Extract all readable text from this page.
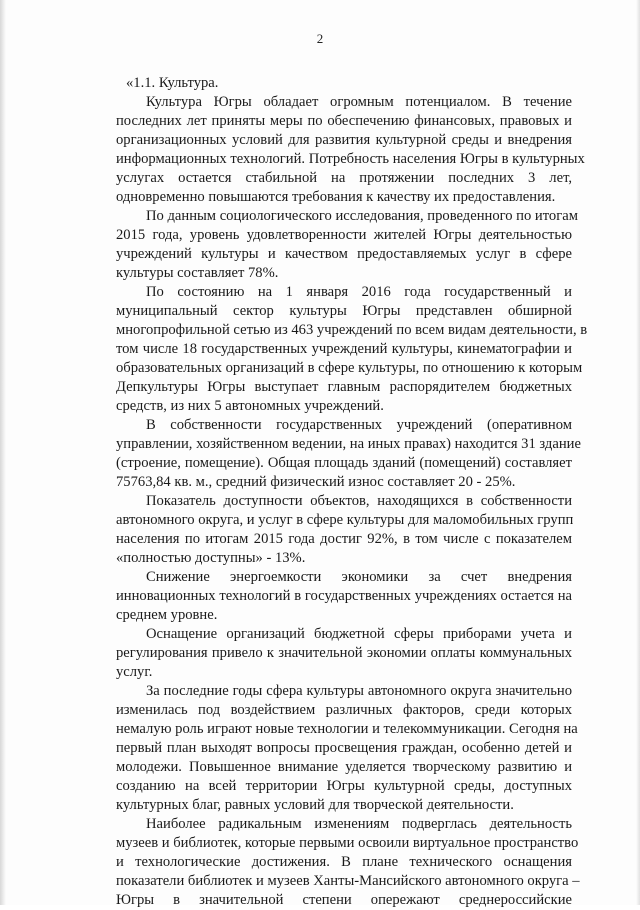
2
«1.1. Культура.
Культура Югры обладает огромным потенциалом. В течение
последних лет приняты меры по обеспечению финансовых, правовых и
организационных условий для развития культурной среды и внедрения
информационных технологий. Потребность населения Югры в культурных
услугах остается стабильной на протяжении последних 3 лет,
одновременно повышаются требования к качеству их предоставления.
По данным социологического исследования, проведенного по итогам
2015 года, уровень удовлетворенности жителей Югры деятельностью
учреждений культуры и качеством предоставляемых услуг в сфере
культуры составляет 78%.
По состоянию на 1 января 2016 года государственный и
муниципальный сектор культуры Югры представлен обширной
многопрофильной сетью из 463 учреждений по всем видам деятельности, в
том числе 18 государственных учреждений культуры, кинематографии и
образовательных организаций в сфере культуры, по отношению к которым
Депкультуры Югры выступает главным распорядителем бюджетных
средств, из них 5 автономных учреждений.
В собственности государственных учреждений (оперативном
управлении, хозяйственном ведении, на иных правах) находится 31 здание
(строение, помещение). Общая площадь зданий (помещений) составляет
75763,84 кв. м., средний физический износ составляет 20 - 25%.
Показатель доступности объектов, находящихся в собственности
автономного округа, и услуг в сфере культуры для маломобильных групп
населения по итогам 2015 года достиг 92%, в том числе с показателем
«полностью доступны» - 13%.
Снижение энергоемкости экономики за счет внедрения
инновационных технологий в государственных учреждениях остается на
среднем уровне.
Оснащение организаций бюджетной сферы приборами учета и
регулирования привело к значительной экономии оплаты коммунальных
услуг.
За последние годы сфера культуры автономного округа значительно
изменилась под воздействием различных факторов, среди которых
немалую роль играют новые технологии и телекоммуникации. Сегодня на
первый план выходят вопросы просвещения граждан, особенно детей и
молодежи. Повышенное внимание уделяется творческому развитию и
созданию на всей территории Югры культурной среды, доступных
культурных благ, равных условий для творческой деятельности.
Наиболее радикальным изменениям подверглась деятельность
музеев и библиотек, которые первыми освоили виртуальное пространство
и технологические достижения. В плане технического оснащения
показатели библиотек и музеев Ханты-Мансийского автономного округа –
Югры в значительной степени опережают среднероссийские
